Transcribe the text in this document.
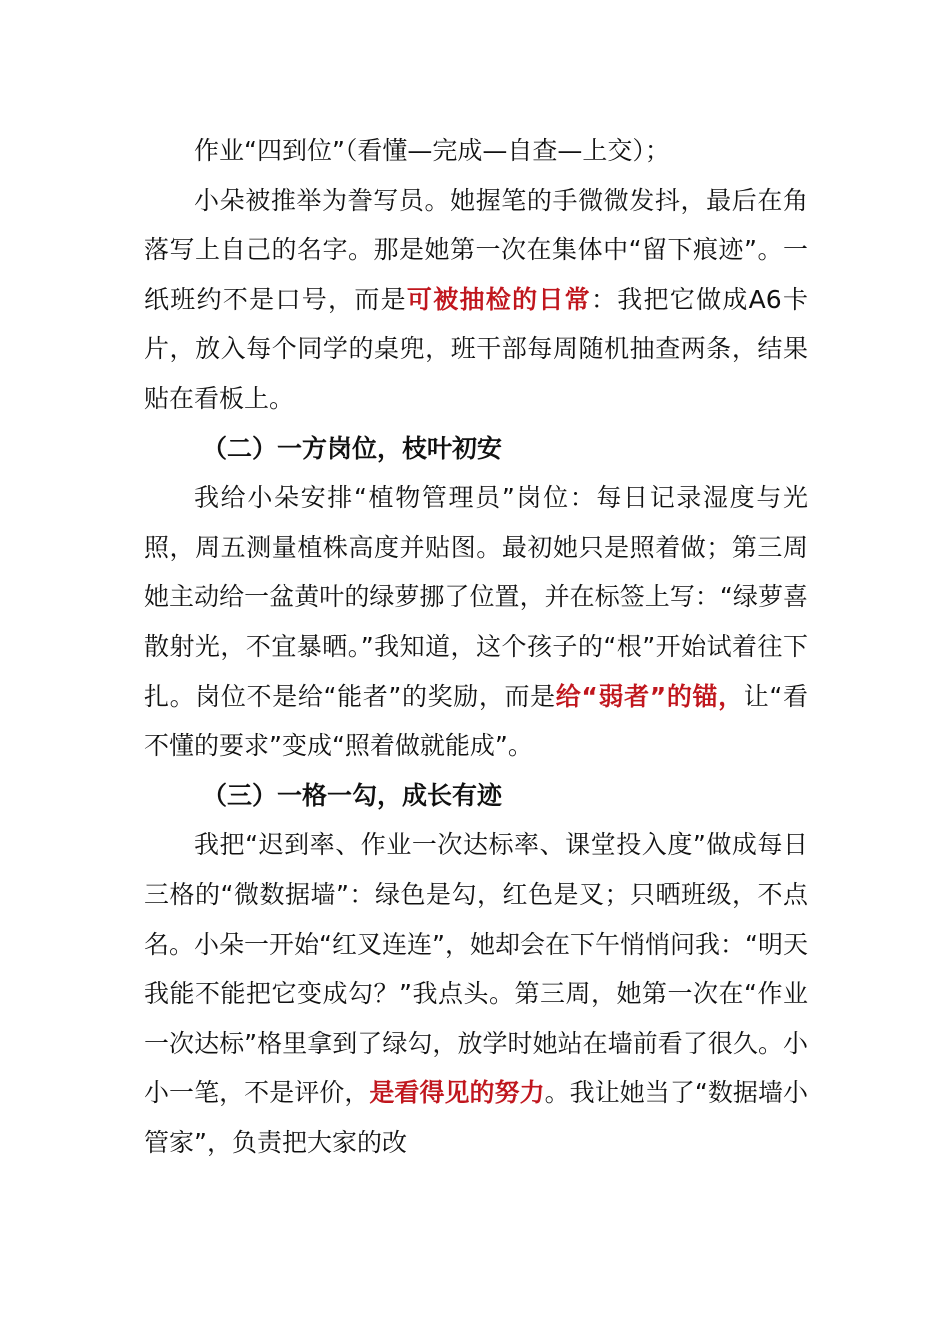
作业“四到位”（看懂—完成—自查—上交）；

小朵被推举为誊写员。她握笔的手微微发抖，最后在角落写上自己的名字。那是她第一次在集体中“留下痕迹”。一纸班约不是口号，而是可被抽检的日常：我把它做成A6卡片，放入每个同学的桌兜，班干部每周随机抽查两条，结果贴在看板上。

（二）一方岗位，枝叶初安

我给小朵安排“植物管理员”岗位：每日记录湿度与光照，周五测量植株高度并贴图。最初她只是照着做；第三周她主动给一盆黄叶的绿萝挪了位置，并在标签上写：“绿萝喜散射光，不宜暴晒。”我知道，这个孩子的“根”开始试着往下扎。岗位不是给“能者”的奖励，而是给“弱者”的锚，让“看不懂的要求”变成“照着做就能成”。

（三）一格一勾，成长有迹

我把“迟到率、作业一次达标率、课堂投入度”做成每日三格的“微数据墙”：绿色是勾，红色是叉；只晒班级，不点名。小朵一开始“红叉连连”，她却会在下午悄悄问我：“明天我能不能把它变成勾？”我点头。第三周，她第一次在“作业一次达标”格里拿到了绿勾，放学时她站在墙前看了很久。小小一笔，不是评价，是看得见的努力。我让她当了“数据墙小管家”，负责把大家的改
